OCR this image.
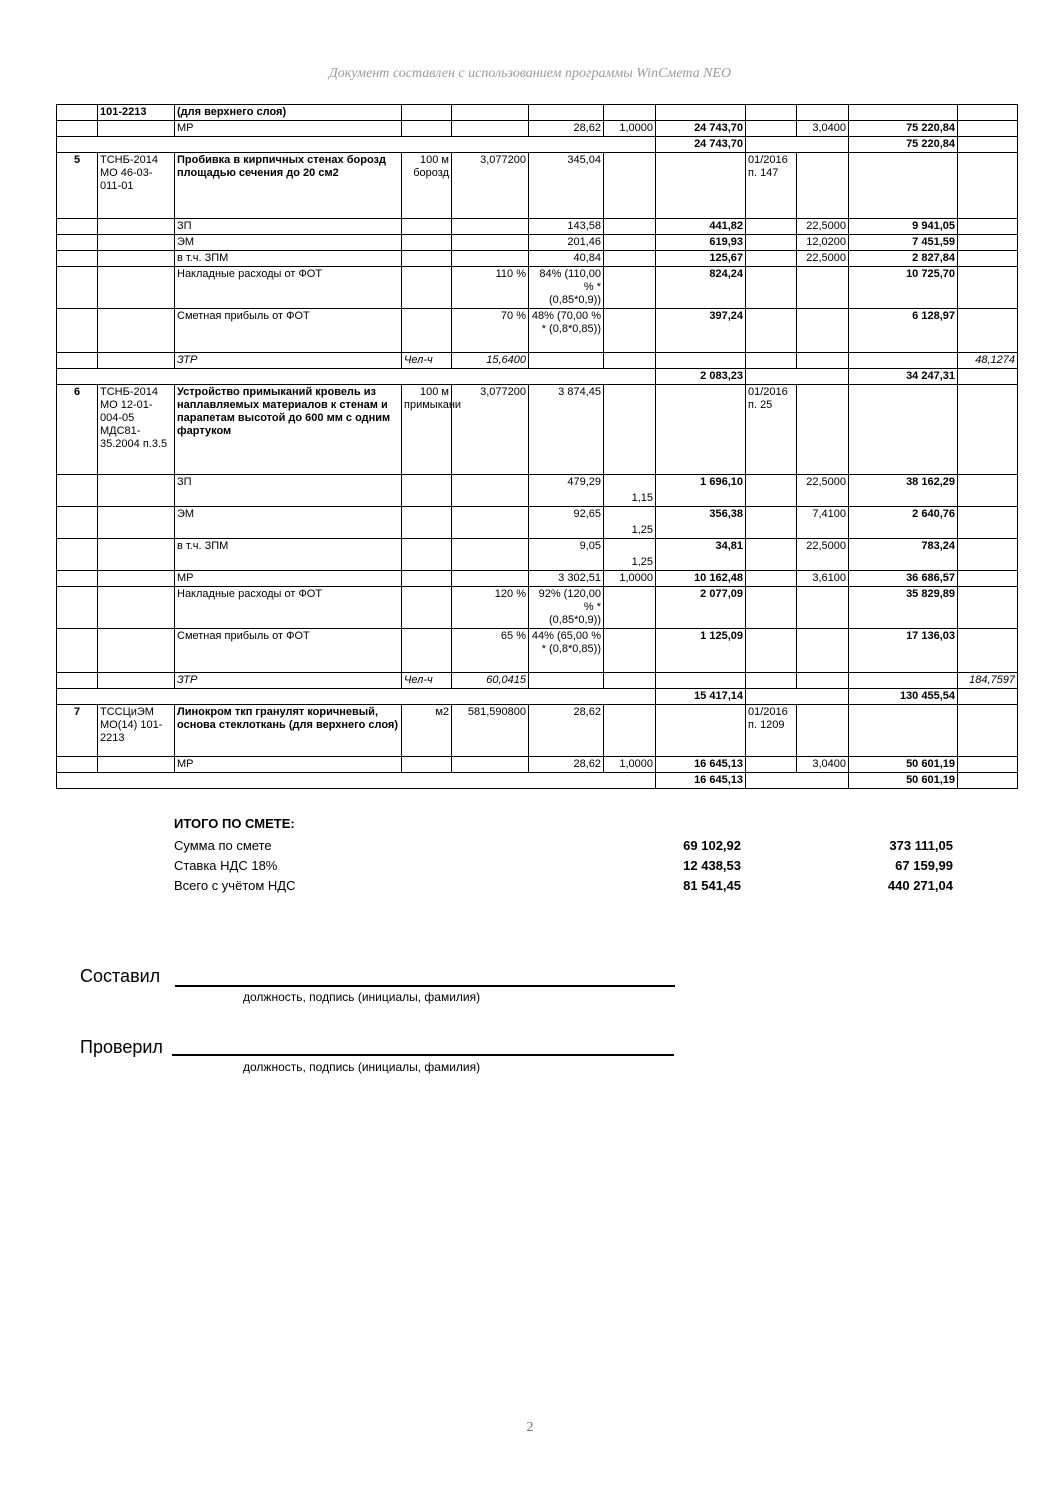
Документ составлен с использованием программы WinСмета NEO
	101-2213	(для верхнего слоя)									
		МР			28,62	1,0000	24 743,70		3,0400	75 220,84	
							24 743,70			75 220,84	
5	ТСНБ-2014 МО 46-03-011-01	Пробивка в кирпичных стенах борозд площадью сечения до 20 см2	100 м борозд	3,077200	345,04			01/2016 п. 147			
		ЗП			143,58		441,82		22,5000	9 941,05	
		ЭМ			201,46		619,93		12,0200	7 451,59	
		в т.ч. ЗПМ			40,84		125,67		22,5000	2 827,84	
		Накладные расходы от ФОТ		110 %	84% (110,00 % * (0,85*0,9))		824,24			10 725,70	
		Сметная прибыль от ФОТ		70 %	48% (70,00 % * (0,8*0,85))		397,24			6 128,97	
		ЗТР	Чел-ч	15,6400							48,1274
							2 083,23			34 247,31	
6	ТСНБ-2014 МО 12-01-004-05 МДС81-35.2004 п.3.5	Устройство примыканий кровель из наплавляемых материалов к стенам и парапетам высотой до 600 мм с одним фартуком	100 м примыкани	3,077200	3 874,45			01/2016 п. 25			
		ЗП			479,29	1,15	1 696,10		22,5000	38 162,29	
		ЭМ			92,65	1,25	356,38		7,4100	2 640,76	
		в т.ч. ЗПМ			9,05	1,25	34,81		22,5000	783,24	
		МР			3 302,51	1,0000	10 162,48		3,6100	36 686,57	
		Накладные расходы от ФОТ		120 %	92% (120,00 % * (0,85*0,9))		2 077,09			35 829,89	
		Сметная прибыль от ФОТ		65 %	44% (65,00 % * (0,8*0,85))		1 125,09			17 136,03	
		ЗТР	Чел-ч	60,0415							184,7597
							15 417,14			130 455,54	
7	ТССЦиЭМ МО(14) 101-2213	Линокром ткп гранулят коричневый, основа стеклоткань (для верхнего слоя)	м2	581,590800	28,62			01/2016 п. 1209			
		МР			28,62	1,0000	16 645,13		3,0400	50 601,19	
							16 645,13			50 601,19	
ИТОГО ПО СМЕТЕ:
Сумма по смете	69 102,92	373 111,05
Ставка НДС 18%	12 438,53	67 159,99
Всего с учётом НДС	81 541,45	440 271,04
Составил
должность, подпись (инициалы, фамилия)
Проверил
должность, подпись (инициалы, фамилия)
2
